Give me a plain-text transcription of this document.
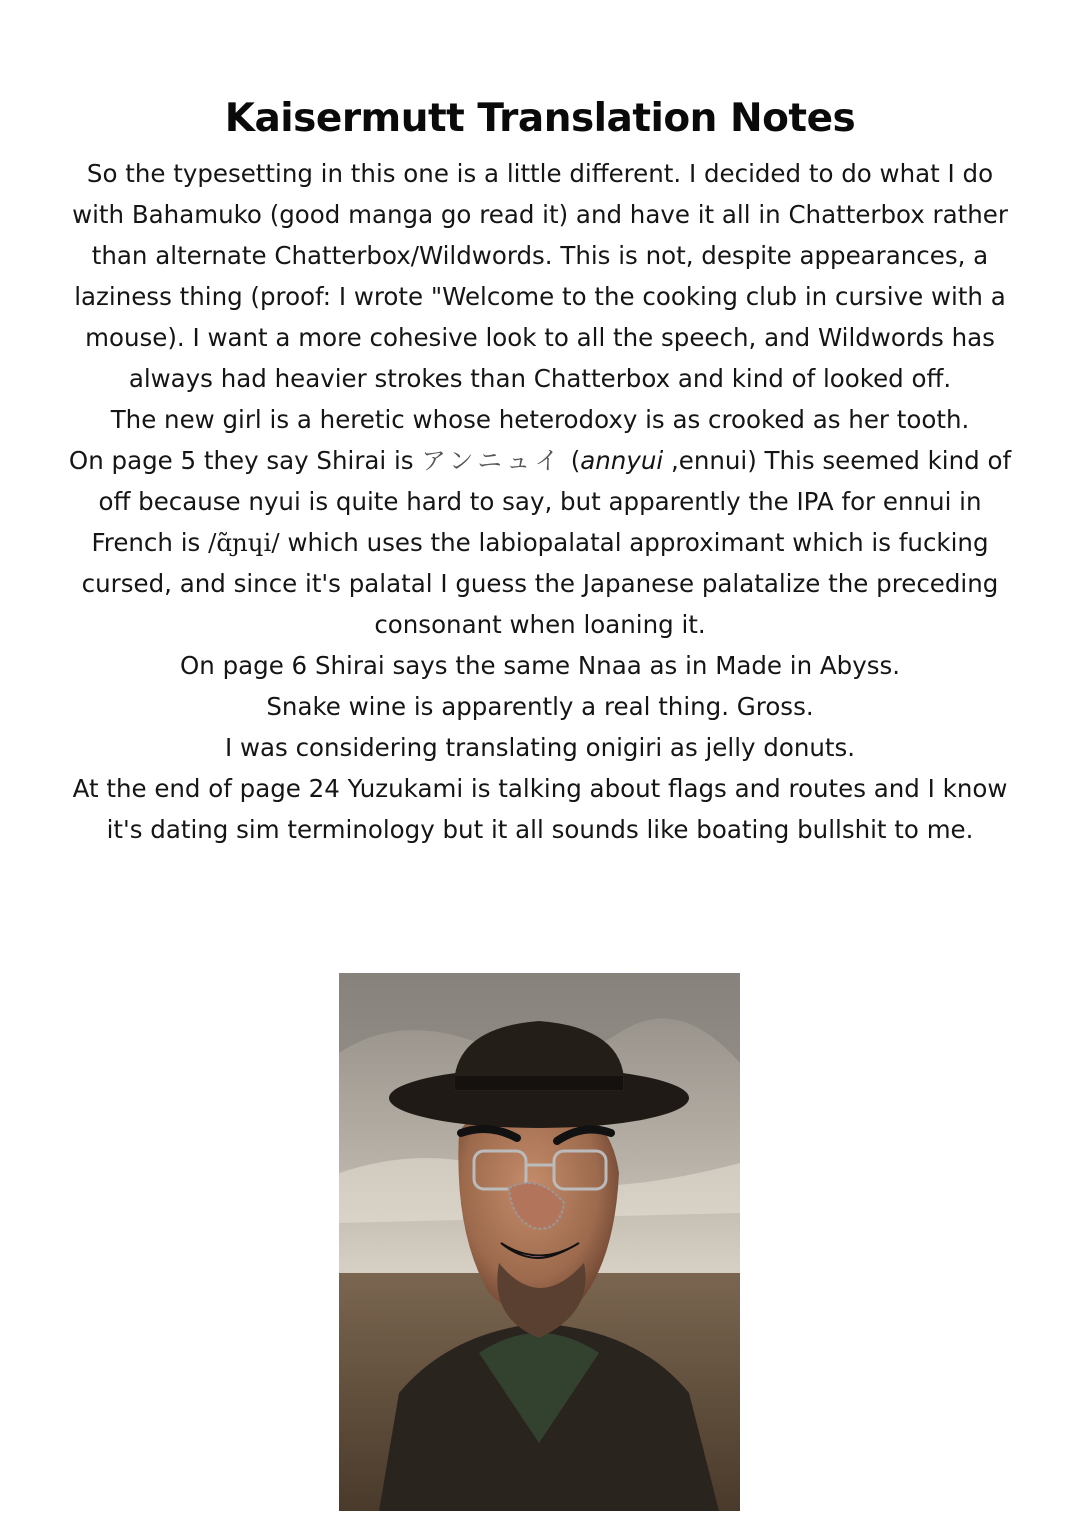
Kaisermutt Translation Notes

So the typesetting in this one is a little different. I decided to do what I do with Bahamuko (good manga go read it) and have it all in Chatterbox rather than alternate Chatterbox/Wildwords. This is not, despite appearances, a laziness thing (proof: I wrote "Welcome to the cooking club in cursive with a mouse). I want a more cohesive look to all the speech, and Wildwords has always had heavier strokes than Chatterbox and kind of looked off.

The new girl is a heretic whose heterodoxy is as crooked as her tooth.

On page 5 they say Shirai is アンニュイ (annyui ,ennui) This seemed kind of off because nyui is quite hard to say, but apparently the IPA for ennui in French is /ɑ̃ɲɥi/ which uses the labiopalatal approximant which is fucking cursed, and since it's palatal I guess the Japanese palatalize the preceding consonant when loaning it.

On page 6 Shirai says the same Nnaa as in Made in Abyss.

Snake wine is apparently a real thing. Gross.

I was considering translating onigiri as jelly donuts.

At the end of page 24 Yuzukami is talking about flags and routes and I know it's dating sim terminology but it all sounds like boating bullshit to me.
